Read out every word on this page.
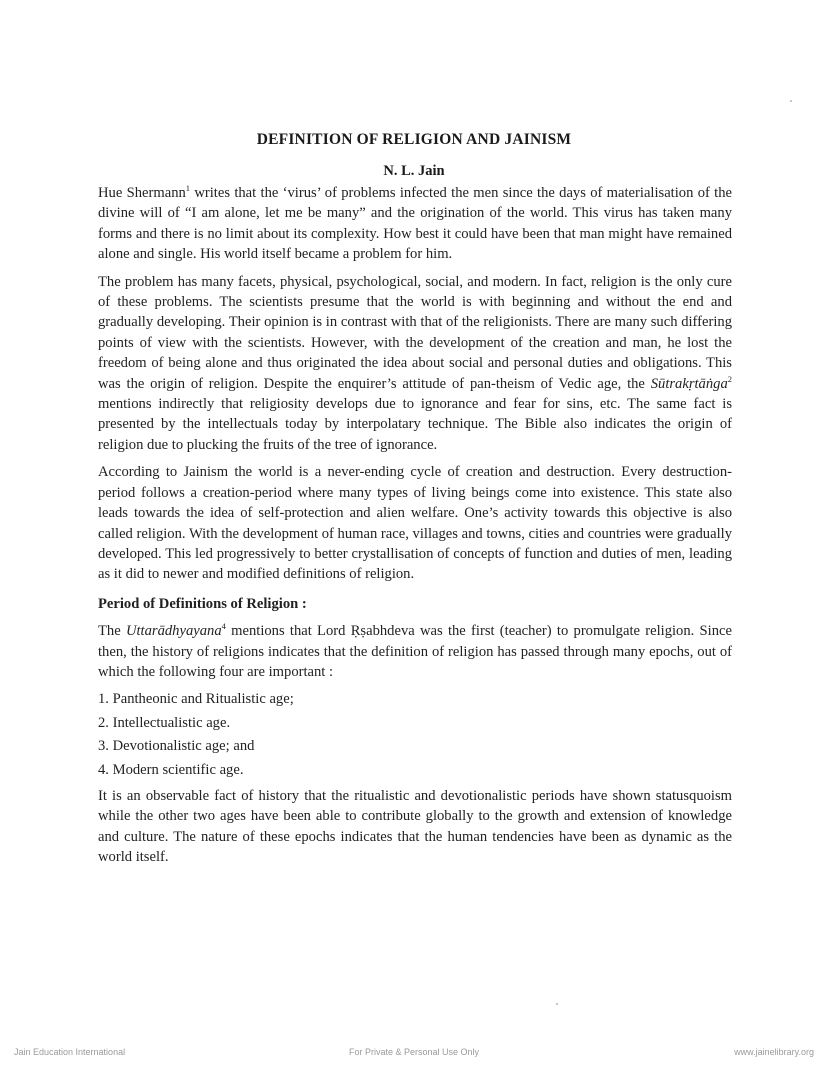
DEFINITION OF RELIGION AND JAINISM
N. L. Jain

Hue Shermann$^1$ writes that the ‘virus’ of problems infected the men since the days of materialisation of the divine will of “I am alone, let me be many” and the origination of the world. This virus has taken many forms and there is no limit about its complexity. How best it could have been that man might have remained alone and single. His world itself became a problem for him.

The problem has many facets, physical, psychological, social, and modern. In fact, religion is the only cure of these problems. The scientists presume that the world is with beginning and without the end and gradually developing. Their opinion is in contrast with that of the religionists. There are many such differing points of view with the scientists. However, with the development of the creation and man, he lost the freedom of being alone and thus originated the idea about social and personal duties and obligations. This was the origin of religion. Despite the enquirer’s attitude of pan-theism of Vedic age, the Sūtrakṛtāṅga$^2$ mentions indirectly that religiosity develops due to ignorance and fear for sins, etc. The same fact is presented by the intellectuals today by interpolatary technique. The Bible also indicates the origin of religion due to plucking the fruits of the tree of ignorance.

According to Jainism the world is a never-ending cycle of creation and destruction. Every destruction-period follows a creation-period where many types of living beings come into existence. This state also leads towards the idea of self-protection and alien welfare. One’s activity towards this objective is also called religion. With the development of human race, villages and towns, cities and countries were gradually developed. This led progressively to better crystallisation of concepts of function and duties of men, leading as it did to newer and modified definitions of religion.

Period of Definitions of Religion :

The Uttarādhyayana$^4$ mentions that Lord Ṛṣabhdeva was the first (teacher) to promulgate religion. Since then, the history of religions indicates that the definition of religion has passed through many epochs, out of which the following four are important :

1. Pantheonic and Ritualistic age;
2. Intellectualistic age.
3. Devotionalistic age; and
4. Modern scientific age.

It is an observable fact of history that the ritualistic and devotionalistic periods have shown statusquoism while the other two ages have been able to contribute globally to the growth and extension of knowledge and culture. The nature of these epochs indicates that the human tendencies have been as dynamic as the world itself.

Jain Education International	For Private & Personal Use Only	www.jainelibrary.org
